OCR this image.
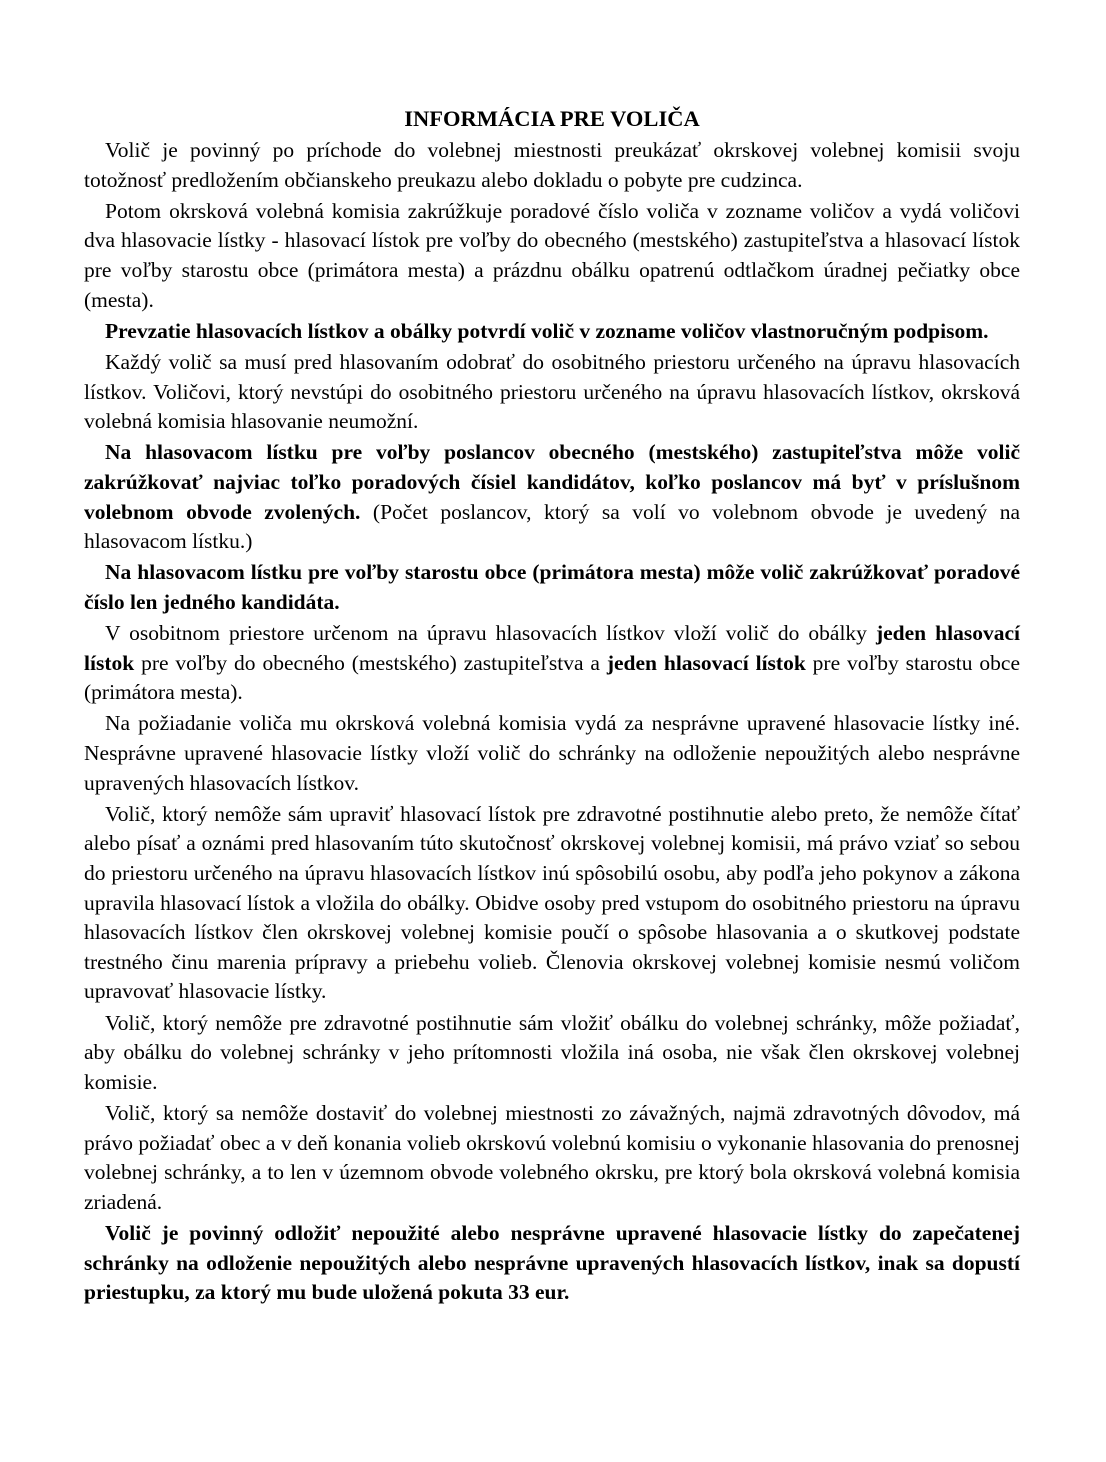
INFORMÁCIA PRE VOLIČA

Volič je povinný po príchode do volebnej miestnosti preukázať okrskovej volebnej komisii svoju totožnosť predložením občianskeho preukazu alebo dokladu o pobyte pre cudzinca.

Potom okrsková volebná komisia zakrúžkuje poradové číslo voliča v zozname voličov a vydá voličovi dva hlasovacie lístky - hlasovací lístok pre voľby do obecného (mestského) zastupiteľstva a hlasovací lístok pre voľby starostu obce (primátora mesta) a prázdnu obálku opatrenú odtlačkom úradnej pečiatky obce (mesta).

Prevzatie hlasovacích lístkov a obálky potvrdí volič v zozname voličov vlastnoručným podpisom.

Každý volič sa musí pred hlasovaním odobrať do osobitného priestoru určeného na úpravu hlasovacích lístkov. Voličovi, ktorý nevstúpi do osobitného priestoru určeného na úpravu hlasovacích lístkov, okrsková volebná komisia hlasovanie neumožní.

Na hlasovacom lístku pre voľby poslancov obecného (mestského) zastupiteľstva môže volič zakrúžkovať najviac toľko poradových čísiel kandidátov, koľko poslancov má byť v príslušnom volebnom obvode zvolených. (Počet poslancov, ktorý sa volí vo volebnom obvode je uvedený na hlasovacom lístku.)

Na hlasovacom lístku pre voľby starostu obce (primátora mesta) môže volič zakrúžkovať poradové číslo len jedného kandidáta.

V osobitnom priestore určenom na úpravu hlasovacích lístkov vloží volič do obálky jeden hlasovací lístok pre voľby do obecného (mestského) zastupiteľstva a jeden hlasovací lístok pre voľby starostu obce (primátora mesta).

Na požiadanie voliča mu okrsková volebná komisia vydá za nesprávne upravené hlasovacie lístky iné. Nesprávne upravené hlasovacie lístky vloží volič do schránky na odloženie nepoužitých alebo nesprávne upravených hlasovacích lístkov.

Volič, ktorý nemôže sám upraviť hlasovací lístok pre zdravotné postihnutie alebo preto, že nemôže čítať alebo písať a oznámi pred hlasovaním túto skutočnosť okrskovej volebnej komisii, má právo vziať so sebou do priestoru určeného na úpravu hlasovacích lístkov inú spôsobilú osobu, aby podľa jeho pokynov a zákona upravila hlasovací lístok a vložila do obálky. Obidve osoby pred vstupom do osobitného priestoru na úpravu hlasovacích lístkov člen okrskovej volebnej komisie poučí o spôsobe hlasovania a o skutkovej podstate trestného činu marenia prípravy a priebehu volieb. Členovia okrskovej volebnej komisie nesmú voličom upravovať hlasovacie lístky.

Volič, ktorý nemôže pre zdravotné postihnutie sám vložiť obálku do volebnej schránky, môže požiadať, aby obálku do volebnej schránky v jeho prítomnosti vložila iná osoba, nie však člen okrskovej volebnej komisie.

Volič, ktorý sa nemôže dostaviť do volebnej miestnosti zo závažných, najmä zdravotných dôvodov, má právo požiadať obec a v deň konania volieb okrskovú volebnú komisiu o vykonanie hlasovania do prenosnej volebnej schránky, a to len v územnom obvode volebného okrsku, pre ktorý bola okrsková volebná komisia zriadená.

Volič je povinný odložiť nepoužité alebo nesprávne upravené hlasovacie lístky do zapečatenej schránky na odloženie nepoužitých alebo nesprávne upravených hlasovacích lístkov, inak sa dopustí priestupku, za ktorý mu bude uložená pokuta 33 eur.
